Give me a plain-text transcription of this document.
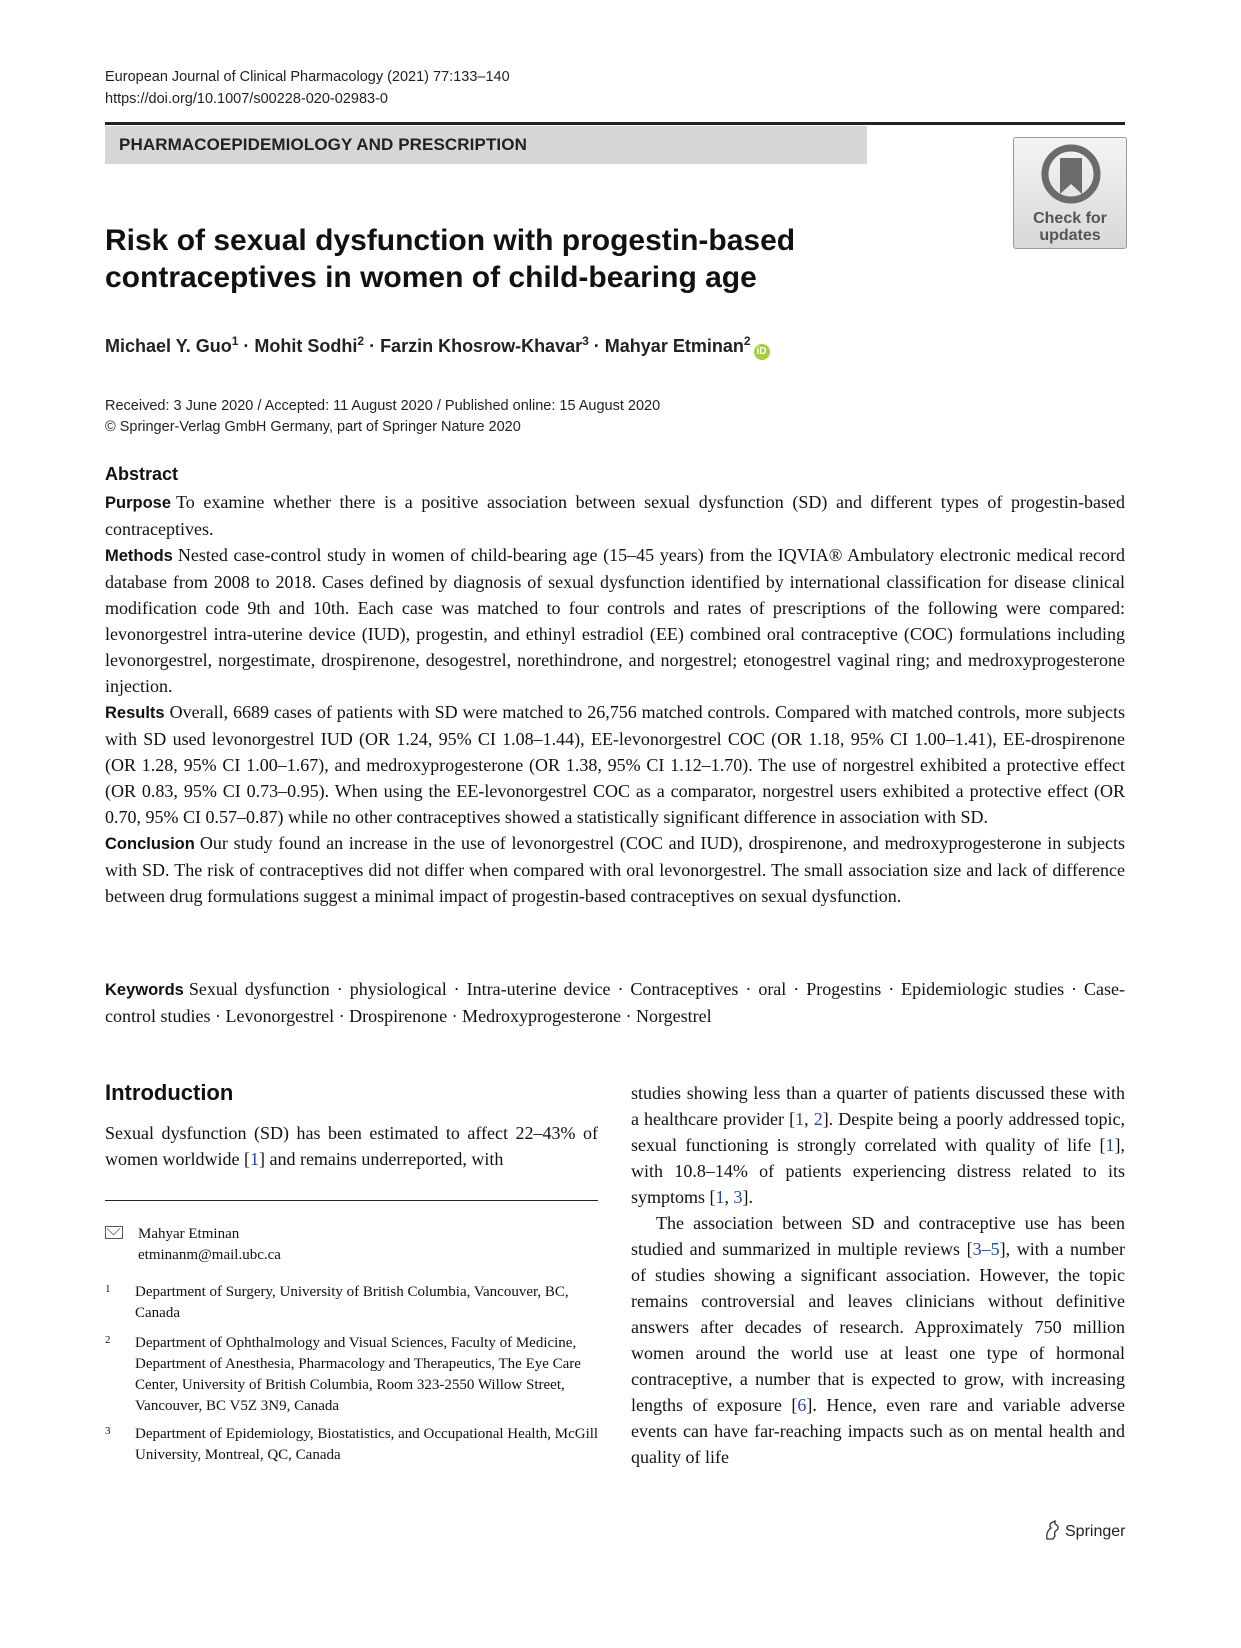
European Journal of Clinical Pharmacology (2021) 77:133–140
https://doi.org/10.1007/s00228-020-02983-0
PHARMACOEPIDEMIOLOGY AND PRESCRIPTION
Check for
updates
Risk of sexual dysfunction with progestin-based contraceptives in women of child-bearing age
Michael Y. Guo$^1$ · Mohit Sodhi$^2$ · Farzin Khosrow-Khavar$^3$ · Mahyar Etminan$^2$iD
Received: 3 June 2020 / Accepted: 11 August 2020 / Published online: 15 August 2020
© Springer-Verlag GmbH Germany, part of Springer Nature 2020
Abstract

Purpose To examine whether there is a positive association between sexual dysfunction (SD) and different types of progestin-based contraceptives.

Methods Nested case-control study in women of child-bearing age (15–45 years) from the IQVIA® Ambulatory electronic medical record database from 2008 to 2018. Cases defined by diagnosis of sexual dysfunction identified by international classification for disease clinical modification code 9th and 10th. Each case was matched to four controls and rates of prescriptions of the following were compared: levonorgestrel intra-uterine device (IUD), progestin, and ethinyl estradiol (EE) combined oral contraceptive (COC) formulations including levonorgestrel, norgestimate, drospirenone, desogestrel, norethindrone, and norgestrel; etonogestrel vaginal ring; and medroxyprogesterone injection.

Results Overall, 6689 cases of patients with SD were matched to 26,756 matched controls. Compared with matched controls, more subjects with SD used levonorgestrel IUD (OR 1.24, 95% CI 1.08–1.44), EE-levonorgestrel COC (OR 1.18, 95% CI 1.00–1.41), EE-drospirenone (OR 1.28, 95% CI 1.00–1.67), and medroxyprogesterone (OR 1.38, 95% CI 1.12–1.70). The use of norgestrel exhibited a protective effect (OR 0.83, 95% CI 0.73–0.95). When using the EE-levonorgestrel COC as a comparator, norgestrel users exhibited a protective effect (OR 0.70, 95% CI 0.57–0.87) while no other contraceptives showed a statistically significant difference in association with SD.

Conclusion Our study found an increase in the use of levonorgestrel (COC and IUD), drospirenone, and medroxyprogesterone in subjects with SD. The risk of contraceptives did not differ when compared with oral levonorgestrel. The small association size and lack of difference between drug formulations suggest a minimal impact of progestin-based contraceptives on sexual dysfunction.

Keywords Sexual dysfunction · physiological · Intra-uterine device · Contraceptives · oral · Progestins · Epidemiologic studies · Case-control studies · Levonorgestrel · Drospirenone · Medroxyprogesterone · Norgestrel
Introduction
Sexual dysfunction (SD) has been estimated to affect 22–43% of women worldwide [1] and remains underreported, with
Mahyar Etminan
etminanm@mail.ubc.ca
1 Department of Surgery, University of British Columbia, Vancouver, BC, Canada
2 Department of Ophthalmology and Visual Sciences, Faculty of Medicine, Department of Anesthesia, Pharmacology and Therapeutics, The Eye Care Center, University of British Columbia, Room 323-2550 Willow Street, Vancouver, BC V5Z 3N9, Canada
3 Department of Epidemiology, Biostatistics, and Occupational Health, McGill University, Montreal, QC, Canada

studies showing less than a quarter of patients discussed these with a healthcare provider [1, 2]. Despite being a poorly addressed topic, sexual functioning is strongly correlated with quality of life [1], with 10.8–14% of patients experiencing distress related to its symptoms [1, 3].

The association between SD and contraceptive use has been studied and summarized in multiple reviews [3–5], with a number of studies showing a significant association. However, the topic remains controversial and leaves clinicians without definitive answers after decades of research. Approximately 750 million women around the world use at least one type of hormonal contraceptive, a number that is expected to grow, with increasing lengths of exposure [6]. Hence, even rare and variable adverse events can have far-reaching impacts such as on mental health and quality of life

Springer
